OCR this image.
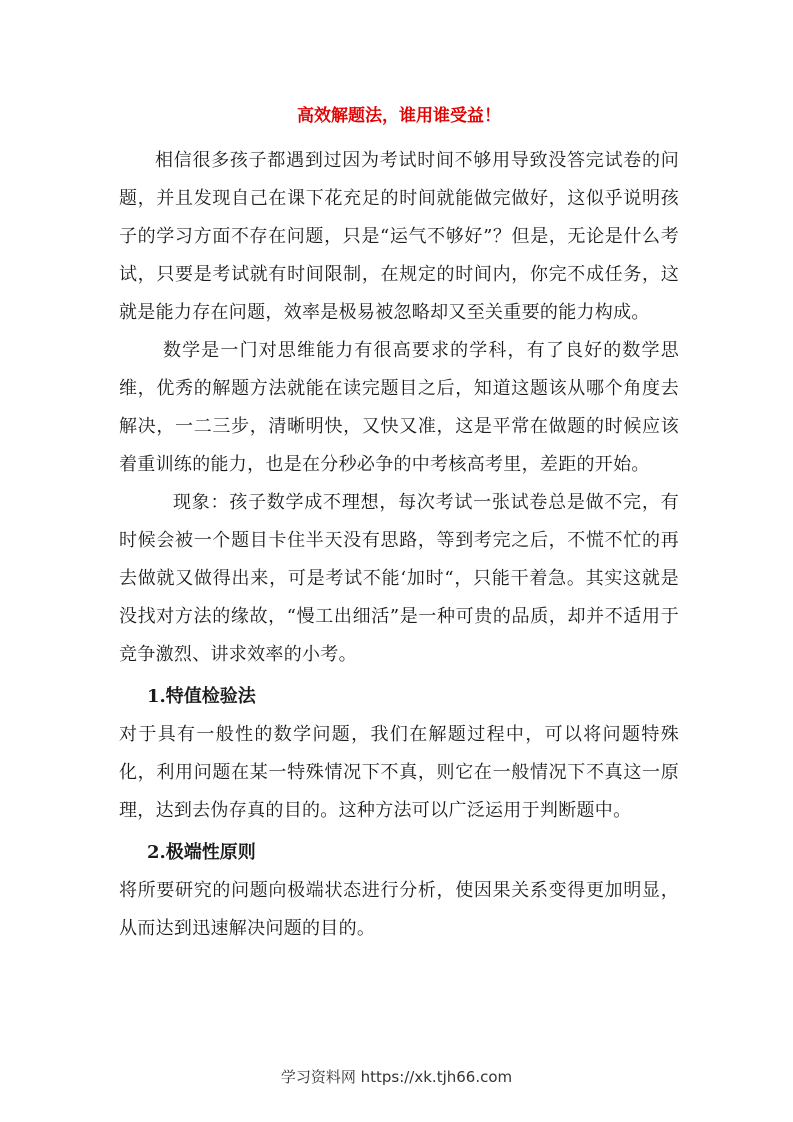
高效解题法，谁用谁受益！

相信很多孩子都遇到过因为考试时间不够用导致没答完试卷的问题，并且发现自己在课下花充足的时间就能做完做好，这似乎说明孩子的学习方面不存在问题，只是“运气不够好”？但是，无论是什么考试，只要是考试就有时间限制，在规定的时间内，你完不成任务，这就是能力存在问题，效率是极易被忽略却又至关重要的能力构成。

数学是一门对思维能力有很高要求的学科，有了良好的数学思维，优秀的解题方法就能在读完题目之后，知道这题该从哪个角度去解决，一二三步，清晰明快，又快又准，这是平常在做题的时候应该着重训练的能力，也是在分秒必争的中考核高考里，差距的开始。

现象：孩子数学成不理想，每次考试一张试卷总是做不完，有时候会被一个题目卡住半天没有思路，等到考完之后，不慌不忙的再去做就又做得出来，可是考试不能‘加时“，只能干着急。其实这就是没找对方法的缘故，“慢工出细活”是一种可贵的品质，却并不适用于竞争激烈、讲求效率的小考。

1.特值检验法

对于具有一般性的数学问题，我们在解题过程中，可以将问题特殊化，利用问题在某一特殊情况下不真，则它在一般情况下不真这一原理，达到去伪存真的目的。这种方法可以广泛运用于判断题中。

2.极端性原则

将所要研究的问题向极端状态进行分析，使因果关系变得更加明显，从而达到迅速解决问题的目的。

学习资料网 https://xk.tjh66.com
